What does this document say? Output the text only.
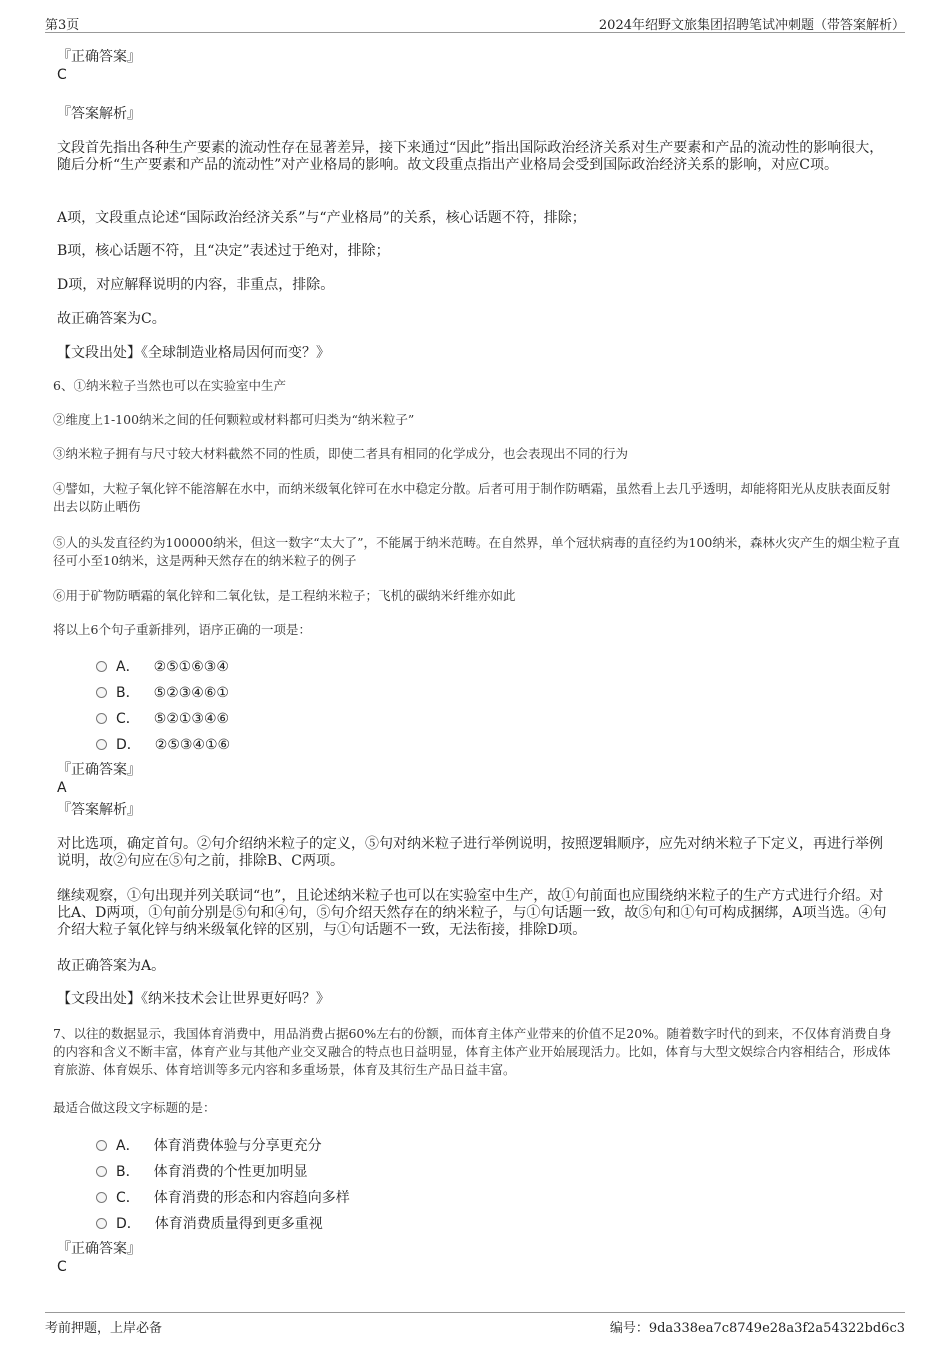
第3页	2024年绍野文旅集团招聘笔试冲刺题（带答案解析）
『正确答案』
C
『答案解析』
文段首先指出各种生产要素的流动性存在显著差异，接下来通过“因此”指出国际政治经济关系对生产要素和产品的流动性的影响很大，随后分析“生产要素和产品的流动性”对产业格局的影响。故文段重点指出产业格局会受到国际政治经济关系的影响，对应C项。
A项，文段重点论述“国际政治经济关系”与“产业格局”的关系，核心话题不符，排除；
B项，核心话题不符，且“决定”表述过于绝对，排除；
D项，对应解释说明的内容，非重点，排除。
故正确答案为C。
【文段出处】《全球制造业格局因何而变？》
6、①纳米粒子当然也可以在实验室中生产
②维度上1-100纳米之间的任何颗粒或材料都可归类为“纳米粒子”
③纳米粒子拥有与尺寸较大材料截然不同的性质，即使二者具有相同的化学成分，也会表现出不同的行为
④譬如，大粒子氧化锌不能溶解在水中，而纳米级氧化锌可在水中稳定分散。后者可用于制作防晒霜，虽然看上去几乎透明，却能将阳光从皮肤表面反射出去以防止晒伤
⑤人的头发直径约为100000纳米，但这一数字“太大了”，不能属于纳米范畴。在自然界，单个冠状病毒的直径约为100纳米，森林火灾产生的烟尘粒子直径可小至10纳米，这是两种天然存在的纳米粒子的例子
⑥用于矿物防晒霜的氧化锌和二氧化钛，是工程纳米粒子；飞机的碳纳米纤维亦如此
将以上6个句子重新排列，语序正确的一项是：
A． ②⑤①⑥③④
B． ⑤②③④⑥①
C． ⑤②①③④⑥
D． ②⑤③④①⑥
『正确答案』
A
『答案解析』
对比选项，确定首句。②句介绍纳米粒子的定义，⑤句对纳米粒子进行举例说明，按照逻辑顺序，应先对纳米粒子下定义，再进行举例说明，故②句应在⑤句之前，排除B、C两项。
继续观察，①句出现并列关联词“也”，且论述纳米粒子也可以在实验室中生产，故①句前面也应围绕纳米粒子的生产方式进行介绍。对比A、D两项，①句前分别是⑤句和④句，⑤句介绍天然存在的纳米粒子，与①句话题一致，故⑤句和①句可构成捆绑，A项当选。④句介绍大粒子氧化锌与纳米级氧化锌的区别，与①句话题不一致，无法衔接，排除D项。
故正确答案为A。
【文段出处】《纳米技术会让世界更好吗？》
7、以往的数据显示，我国体育消费中，用品消费占据60%左右的份额，而体育主体产业带来的价值不足20%。随着数字时代的到来，不仅体育消费自身的内容和含义不断丰富，体育产业与其他产业交叉融合的特点也日益明显，体育主体产业开始展现活力。比如，体育与大型文娱综合内容相结合，形成体育旅游、体育娱乐、体育培训等多元内容和多重场景，体育及其衍生产品日益丰富。
最适合做这段文字标题的是：
A． 体育消费体验与分享更充分
B． 体育消费的个性更加明显
C． 体育消费的形态和内容趋向多样
D． 体育消费质量得到更多重视
『正确答案』
C
考前押题，上岸必备	编号：9da338ea7c8749e28a3f2a54322bd6c3
